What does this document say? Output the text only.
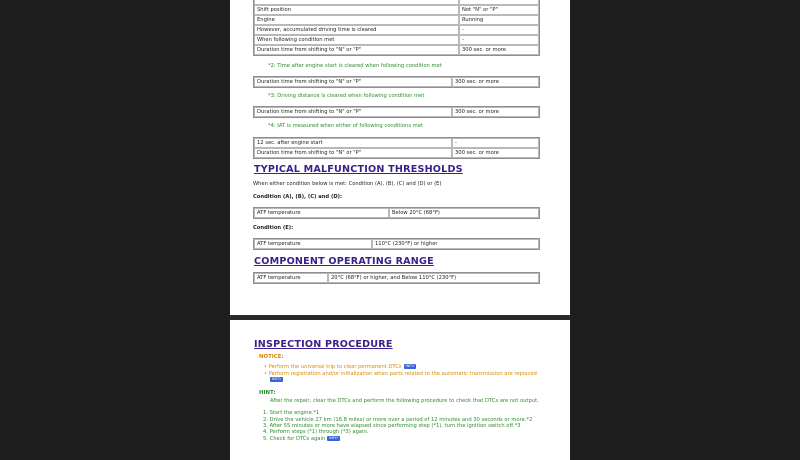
Shift position	Not "N" or "P"
Engine	Running
However, accumulated driving time is cleared	-
When following condition met	-
Duration time from shifting to "N" or "P"	300 sec. or more
*2: Time after engine start is cleared when following condition met
Duration time from shifting to "N" or "P"	300 sec. or more
*3: Driving distance is cleared when following condition met
Duration time from shifting to "N" or "P"	300 sec. or more
*4: IAT is measured when either of following conditions met
12 sec. after engine start	-
Duration time from shifting to "N" or "P"	300 sec. or more
TYPICAL MALFUNCTION THRESHOLDS
When either condition below is met: Condition (A), (B), (C) and (D) or (E)
Condition (A), (B), (C) and (D):
ATF temperature	Below 20°C (68°F)
Condition (E):
ATF temperature	110°C (230°F) or higher
COMPONENT OPERATING RANGE
ATF temperature	20°C (68°F) or higher, and Below 110°C (230°F)
INSPECTION PROCEDURE
NOTICE:
• Perform the universal trip to clear permanent DTCs INFO
• Perform registration and/or initialization when parts related to the automatic transmission are replaced
INFO
HINT:
After the repair, clear the DTCs and perform the following procedure to check that DTCs are not output.
1. Start the engine.*1
2. Drive the vehicle 27 km (16.8 miles) or more over a period of 12 minutes and 30 seconds or more.*2
3. After 55 minutes or more have elapsed since performing step (*1), turn the ignition switch off.*3
4. Perform steps (*1) through (*3) again.
5. Check for DTCs again INFO
